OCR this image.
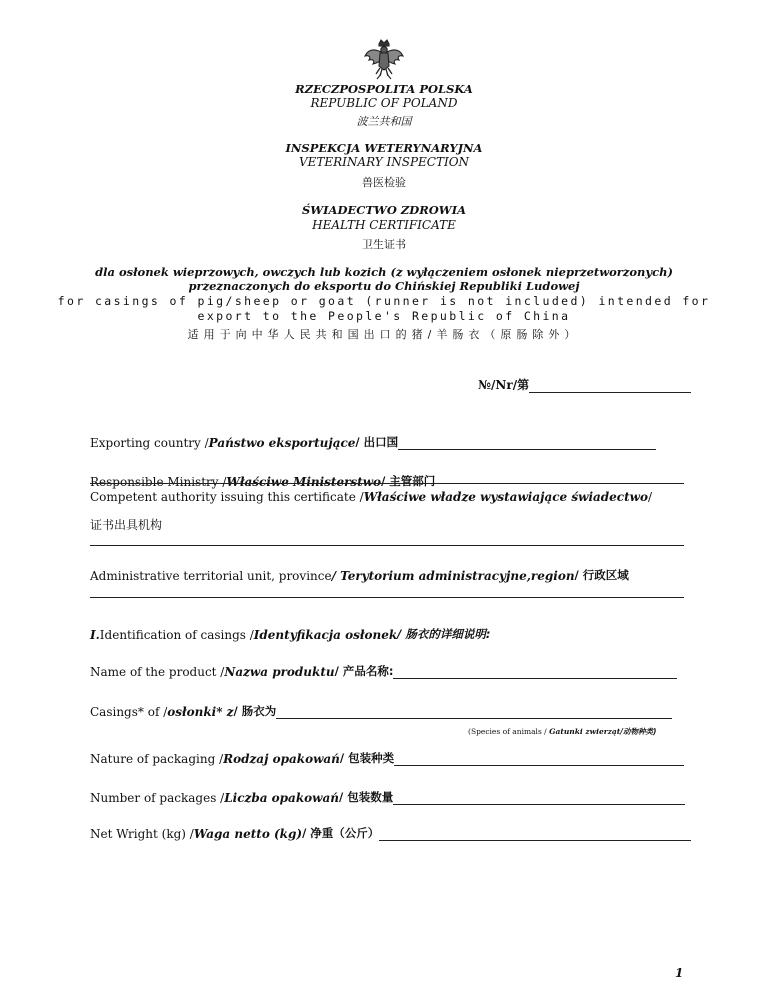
RZECZPOSPOLITA POLSKA
REPUBLIC OF POLAND
波兰共和国
INSPEKCJA WETERYNARYJNA
VETERINARY INSPECTION
兽医检验
ŚWIADECTWO ZDROWIA
HEALTH CERTIFICATE
卫生证书
dla osłonek wieprzowych, owczych lub kozich (z wyłączeniem osłonek nieprzetworzonych)
przeznaczonych do eksportu do Chińskiej Republiki Ludowej
for casings of pig/sheep or goat (runner is not included) intended for
export to the People's Republic of China
适用于向中华人民共和国出口的猪/羊肠衣（原肠除外）
№/Nr/第
Exporting country / Państwo eksportujące / 出口国
Responsible Ministry / Właściwe Ministerstwo / 主管部门
Competent authority issuing this certificate / Właściwe władze wystawiające świadectwo /
证书出具机构
Administrative territorial unit, province / Terytorium administracyjne,region / 行政区域
I. Identification of casings / Identyfikacja osłonek / 肠衣的详细说明:
Name of the product / Nazwa produktu / 产品名称:
Casings* of / osłonki* z / 肠衣为
(Species of animals / Gatunki zwierząt/动物种类)
Nature of packaging / Rodzaj opakowań / 包装种类
Number of packages / Liczba opakowań / 包装数量
Net Wright (kg) / Waga netto (kg) / 净重（公斤）
1
